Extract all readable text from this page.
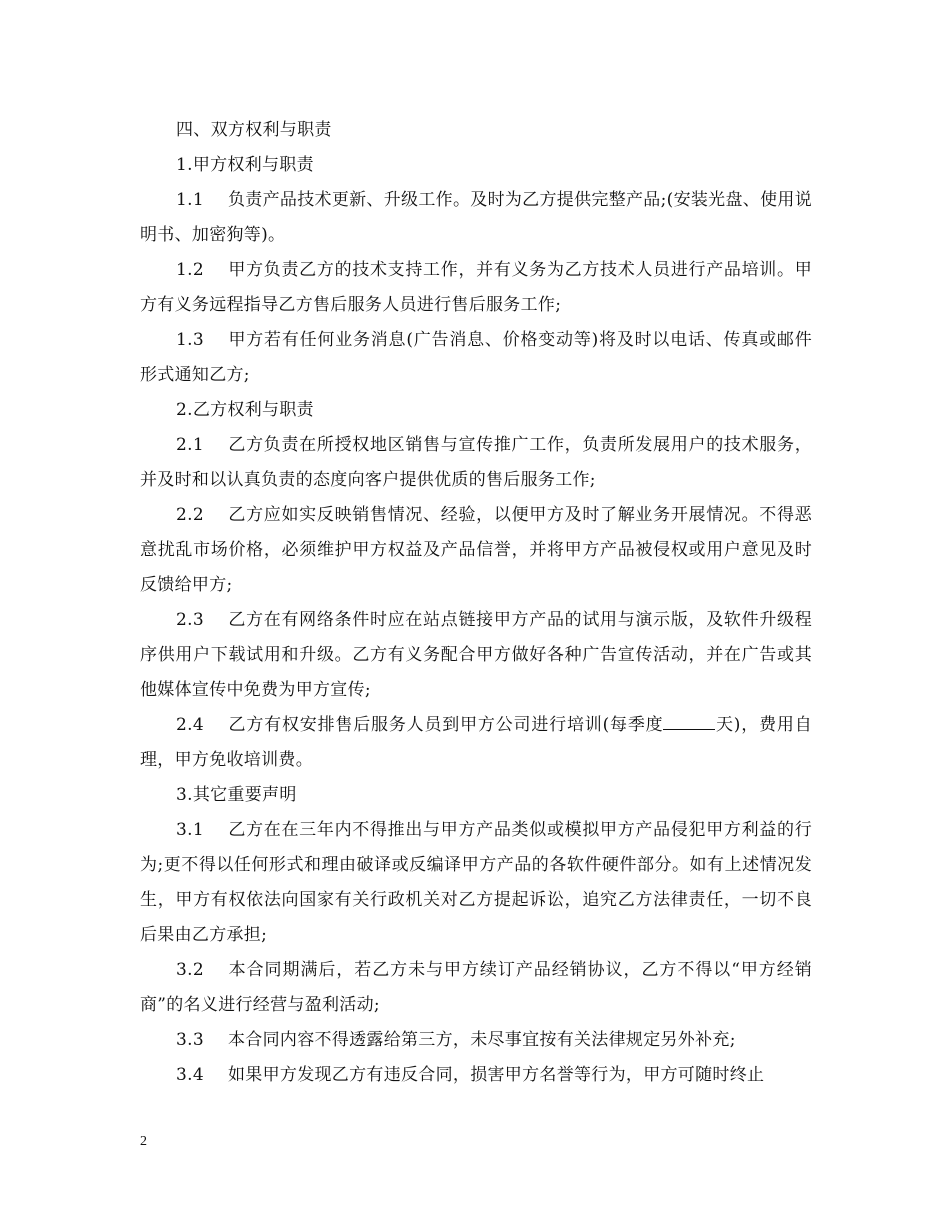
四、双方权利与职责

1.甲方权利与职责

1.1 负责产品技术更新、升级工作。及时为乙方提供完整产品;(安装光盘、使用说明书、加密狗等)。

1.2 甲方负责乙方的技术支持工作，并有义务为乙方技术人员进行产品培训。甲方有义务远程指导乙方售后服务人员进行售后服务工作;

1.3 甲方若有任何业务消息(广告消息、价格变动等)将及时以电话、传真或邮件形式通知乙方;

2.乙方权利与职责

2.1 乙方负责在所授权地区销售与宣传推广工作，负责所发展用户的技术服务，并及时和以认真负责的态度向客户提供优质的售后服务工作;

2.2 乙方应如实反映销售情况、经验，以便甲方及时了解业务开展情况。不得恶意扰乱市场价格，必须维护甲方权益及产品信誉，并将甲方产品被侵权或用户意见及时反馈给甲方;

2.3 乙方在有网络条件时应在站点链接甲方产品的试用与演示版，及软件升级程序供用户下载试用和升级。乙方有义务配合甲方做好各种广告宣传活动，并在广告或其他媒体宣传中免费为甲方宣传;

2.4 乙方有权安排售后服务人员到甲方公司进行培训(每季度	天)，费用自理，甲方免收培训费。

3.其它重要声明

3.1 乙方在在三年内不得推出与甲方产品类似或模拟甲方产品侵犯甲方利益的行为;更不得以任何形式和理由破译或反编译甲方产品的各软件硬件部分。如有上述情况发生，甲方有权依法向国家有关行政机关对乙方提起诉讼，追究乙方法律责任，一切不良后果由乙方承担;

3.2 本合同期满后，若乙方未与甲方续订产品经销协议，乙方不得以“甲方经销商”的名义进行经营与盈利活动;

3.3 本合同内容不得透露给第三方，未尽事宜按有关法律规定另外补充;

3.4 如果甲方发现乙方有违反合同，损害甲方名誉等行为，甲方可随时终止

2
